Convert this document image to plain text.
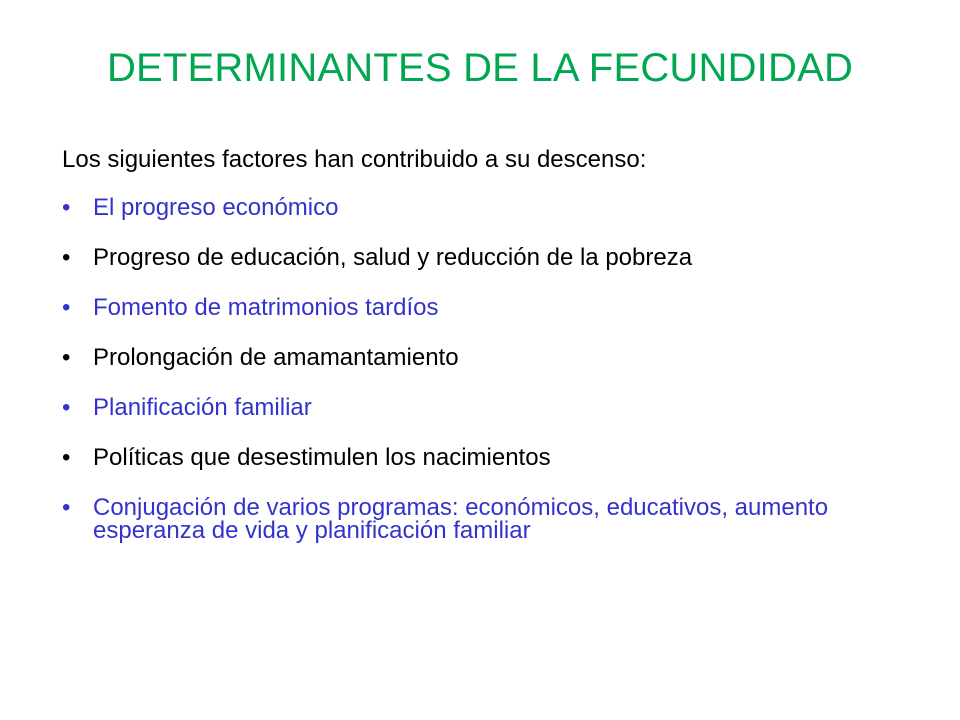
DETERMINANTES DE LA FECUNDIDAD

Los siguientes factores han contribuido a su descenso:

• El progreso económico
• Progreso de educación, salud y reducción de la pobreza
• Fomento de matrimonios tardíos
• Prolongación de amamantamiento
• Planificación familiar
• Políticas que desestimulen los nacimientos
• Conjugación de varios programas: económicos, educativos, aumento esperanza de vida y planificación familiar
